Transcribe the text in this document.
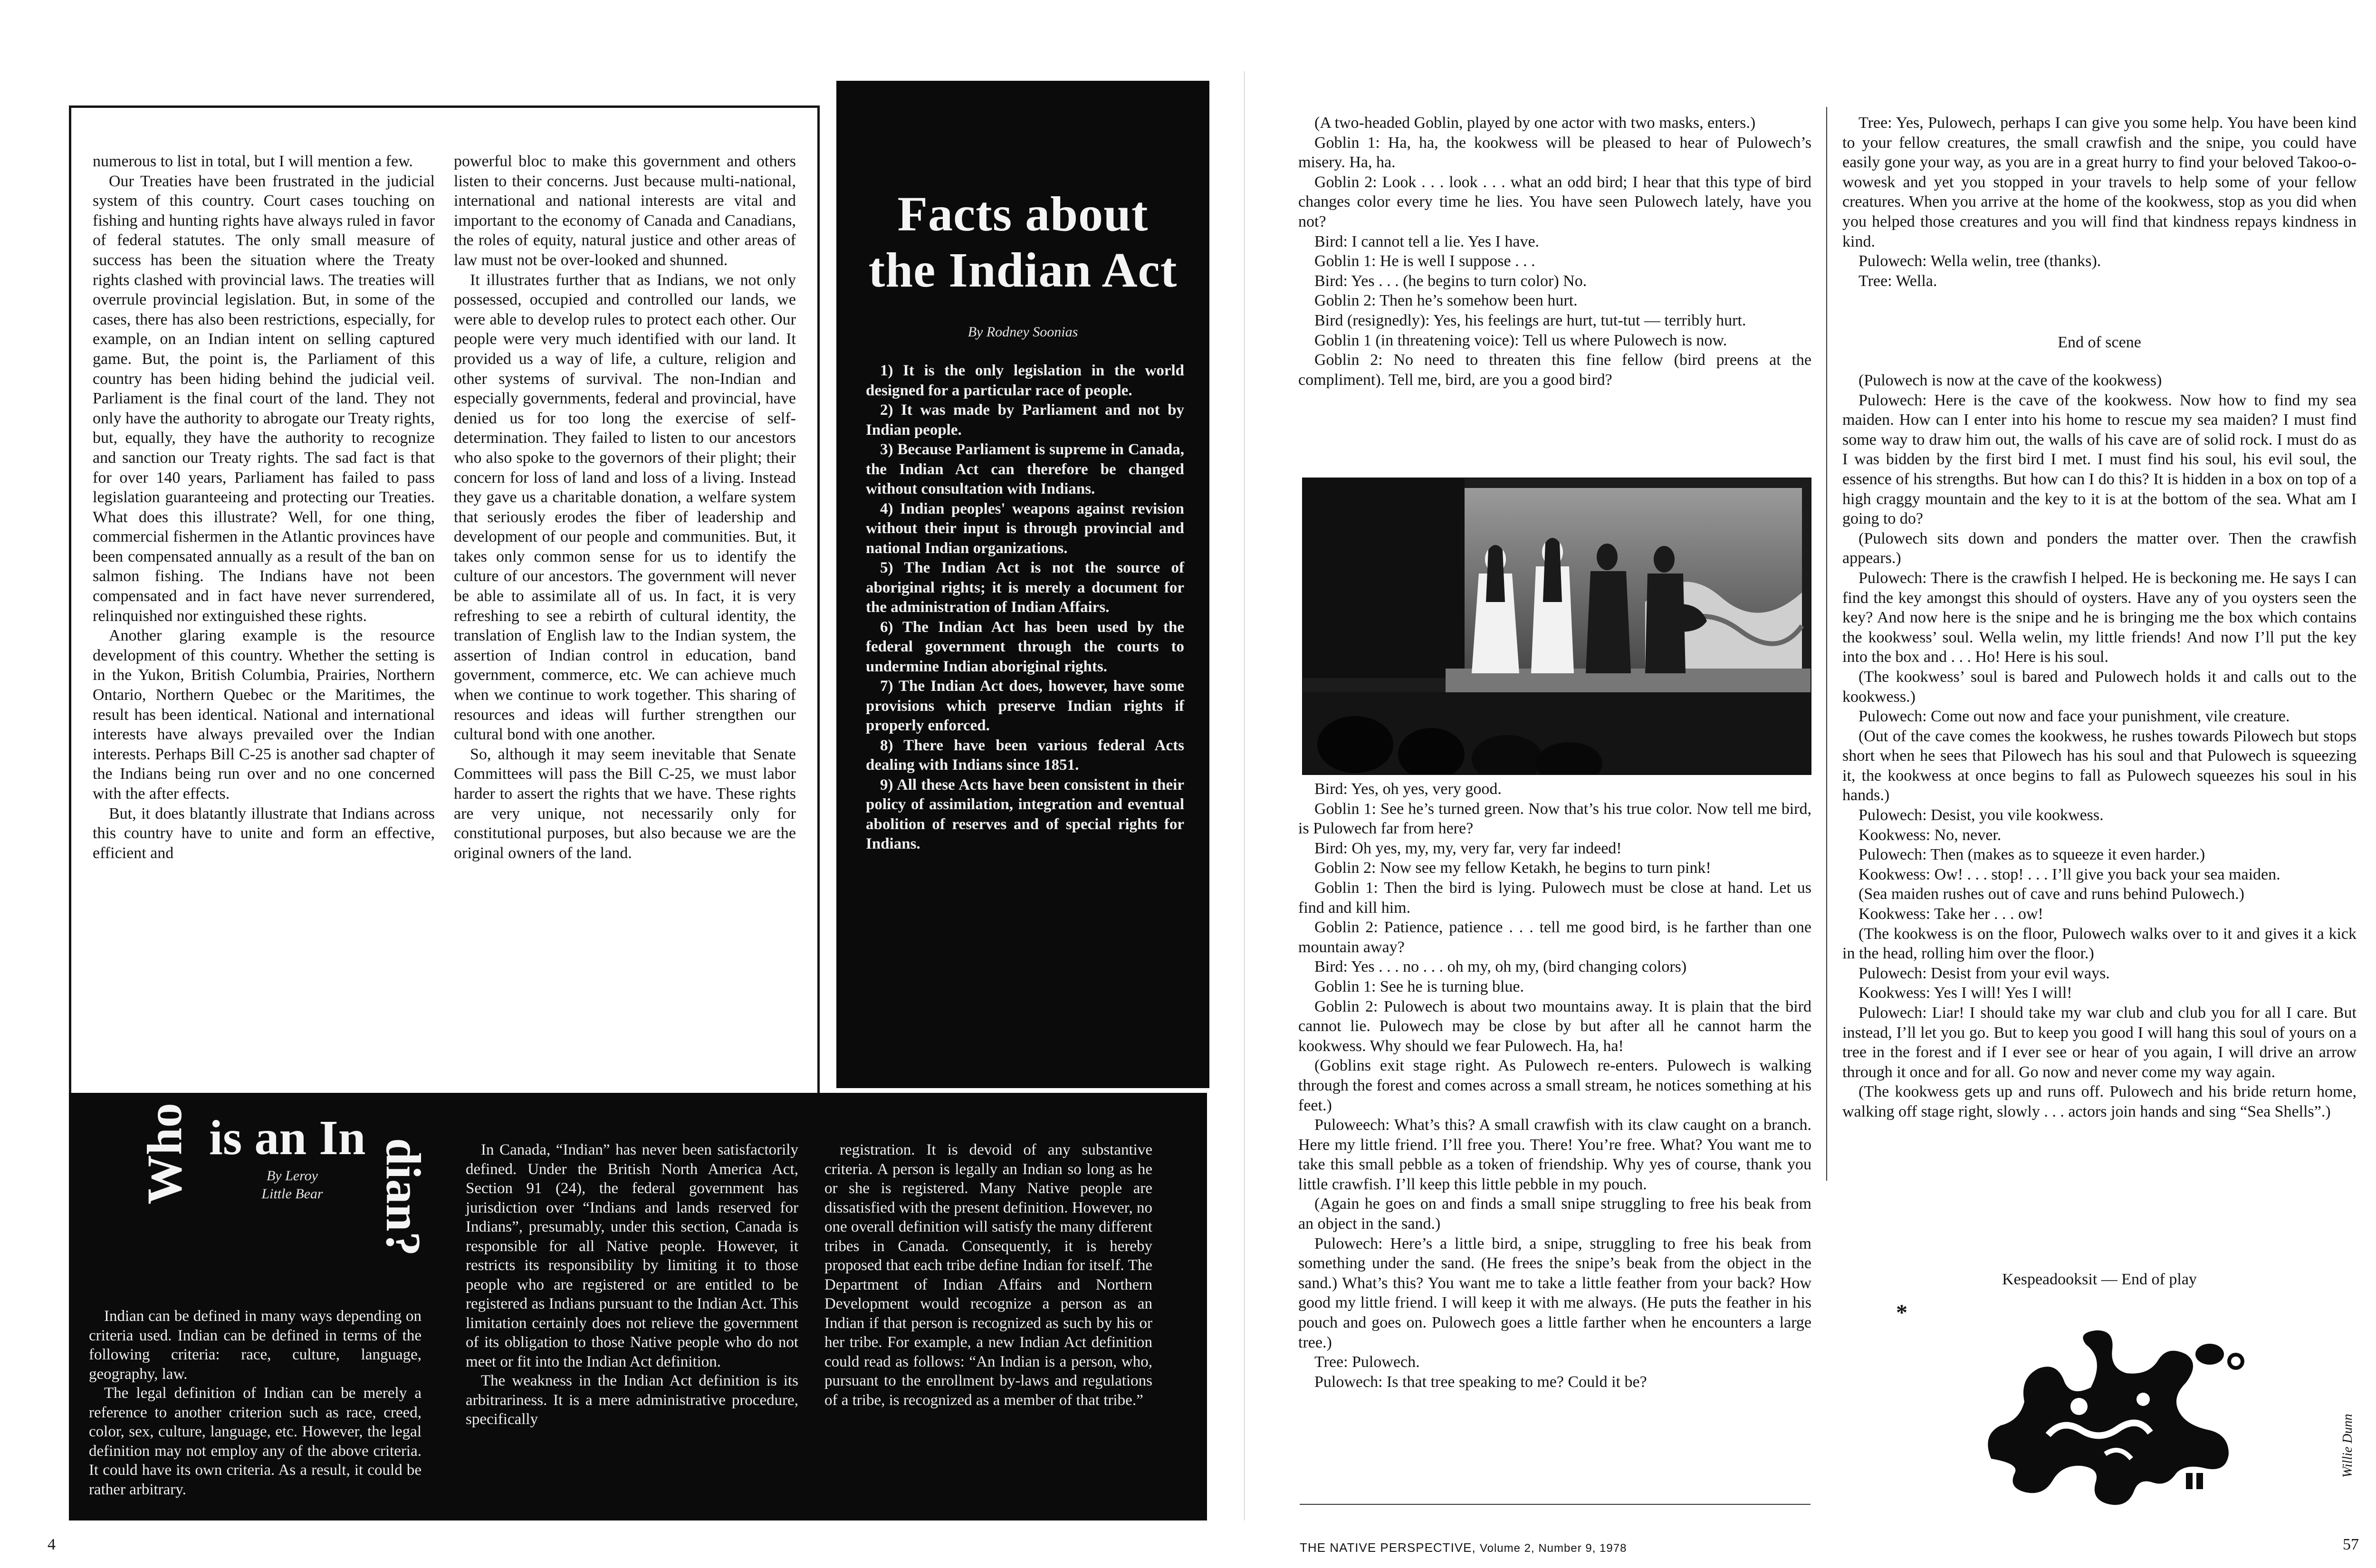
numerous to list in total, but I will mention a few.

Our Treaties have been frustrated in the judicial system of this country. Court cases touching on fishing and hunting rights have always ruled in favor of federal statutes. The only small measure of success has been the situation where the Treaty rights clashed with provincial laws. The treaties will overrule provincial legislation. But, in some of the cases, there has also been restrictions, especially, for example, on an Indian intent on selling captured game. But, the point is, the Parliament of this country has been hiding behind the judicial veil. Parliament is the final court of the land. They not only have the authority to abrogate our Treaty rights, but, equally, they have the authority to recognize and sanction our Treaty rights. The sad fact is that for over 140 years, Parliament has failed to pass legislation guaranteeing and protecting our Treaties. What does this illustrate? Well, for one thing, commercial fishermen in the Atlantic provinces have been compensated annually as a result of the ban on salmon fishing. The Indians have not been compensated and in fact have never surrendered, relinquished nor extinguished these rights.

Another glaring example is the resource development of this country. Whether the setting is in the Yukon, British Columbia, Prairies, Northern Ontario, Northern Quebec or the Maritimes, the result has been identical. National and international interests have always prevailed over the Indian interests. Perhaps Bill C-25 is another sad chapter of the Indians being run over and no one concerned with the after effects.

But, it does blatantly illustrate that Indians across this country have to unite and form an effective, efficient and

powerful bloc to make this government and others listen to their concerns. Just because multi-national, international and national interests are vital and important to the economy of Canada and Canadians, the roles of equity, natural justice and other areas of law must not be over-looked and shunned.

It illustrates further that as Indians, we not only possessed, occupied and controlled our lands, we were able to develop rules to protect each other. Our people were very much identified with our land. It provided us a way of life, a culture, religion and other systems of survival. The non-Indian and especially governments, federal and provincial, have denied us for too long the exercise of self-determination. They failed to listen to our ancestors who also spoke to the governors of their plight; their concern for loss of land and loss of a living. Instead they gave us a charitable donation, a welfare system that seriously erodes the fiber of leadership and development of our people and communities. But, it takes only common sense for us to identify the culture of our ancestors. The government will never be able to assimilate all of us. In fact, it is very refreshing to see a rebirth of cultural identity, the translation of English law to the Indian system, the assertion of Indian control in education, band government, commerce, etc. We can achieve much when we continue to work together. This sharing of resources and ideas will further strengthen our cultural bond with one another.

So, although it may seem inevitable that Senate Committees will pass the Bill C-25, we must labor harder to assert the rights that we have. These rights are very unique, not necessarily only for constitutional purposes, but also because we are the original owners of the land.

Facts about
the Indian Act
By Rodney Soonias

1) It is the only legislation in the world designed for a particular race of people.

2) It was made by Parliament and not by Indian people.

3) Because Parliament is supreme in Canada, the Indian Act can therefore be changed without consultation with Indians.

4) Indian peoples' weapons against revision without their input is through provincial and national Indian organizations.

5) The Indian Act is not the source of aboriginal rights; it is merely a document for the administration of Indian Affairs.

6) The Indian Act has been used by the federal government through the courts to undermine Indian aboriginal rights.

7) The Indian Act does, however, have some provisions which preserve Indian rights if properly enforced.

8) There have been various federal Acts dealing with Indians since 1851.

9) All these Acts have been consistent in their policy of assimilation, integration and eventual abolition of reserves and of special rights for Indians.

Who is an In
dian?
By Leroy
Little Bear

Indian can be defined in many ways depending on criteria used. Indian can be defined in terms of the following criteria: race, culture, language, geography, law.

The legal definition of Indian can be merely a reference to another criterion such as race, creed, color, sex, culture, language, etc. However, the legal definition may not employ any of the above criteria. It could have its own criteria. As a result, it could be rather arbitrary.

In Canada, “Indian” has never been satisfactorily defined. Under the British North America Act, Section 91 (24), the federal government has jurisdiction over “Indians and lands reserved for Indians”, presumably, under this section, Canada is responsible for all Native people. However, it restricts its responsibility by limiting it to those people who are registered or are entitled to be registered as Indians pursuant to the Indian Act. This limitation certainly does not relieve the government of its obligation to those Native people who do not meet or fit into the Indian Act definition.

The weakness in the Indian Act definition is its arbitrariness. It is a mere administrative procedure, specifically

registration. It is devoid of any substantive criteria. A person is legally an Indian so long as he or she is registered. Many Native people are dissatisfied with the present definition. However, no one overall definition will satisfy the many different tribes in Canada. Consequently, it is hereby proposed that each tribe define Indian for itself. The Department of Indian Affairs and Northern Development would recognize a person as an Indian if that person is recognized as such by his or her tribe. For example, a new Indian Act definition could read as follows: “An Indian is a person, who, pursuant to the enrollment by-laws and regulations of a tribe, is recognized as a member of that tribe.”

4

(A two-headed Goblin, played by one actor with two masks, enters.)

Goblin 1: Ha, ha, the kookwess will be pleased to hear of Pulowech’s misery. Ha, ha.

Goblin 2: Look . . . look . . . what an odd bird; I hear that this type of bird changes color every time he lies. You have seen Pulowech lately, have you not?

Bird: I cannot tell a lie. Yes I have.

Goblin 1: He is well I suppose . . .

Bird: Yes . . . (he begins to turn color) No.

Goblin 2: Then he’s somehow been hurt.

Bird (resignedly): Yes, his feelings are hurt, tut-tut — terribly hurt.

Goblin 1 (in threatening voice): Tell us where Pulowech is now.

Goblin 2: No need to threaten this fine fellow (bird preens at the compliment). Tell me, bird, are you a good bird?

Bird: Yes, oh yes, very good.

Goblin 1: See he’s turned green. Now that’s his true color. Now tell me bird, is Pulowech far from here?

Bird: Oh yes, my, my, very far, very far indeed!

Goblin 2: Now see my fellow Ketakh, he begins to turn pink!

Goblin 1: Then the bird is lying. Pulowech must be close at hand. Let us find and kill him.

Goblin 2: Patience, patience . . . tell me good bird, is he farther than one mountain away?

Bird: Yes . . . no . . . oh my, oh my, (bird changing colors)

Goblin 1: See he is turning blue.

Goblin 2: Pulowech is about two mountains away. It is plain that the bird cannot lie. Pulowech may be close by but after all he cannot harm the kookwess. Why should we fear Pulowech. Ha, ha!

(Goblins exit stage right. As Pulowech re-enters. Pulowech is walking through the forest and comes across a small stream, he notices something at his feet.)

Puloweech: What’s this? A small crawfish with its claw caught on a branch. Here my little friend. I’ll free you. There! You’re free. What? You want me to take this small pebble as a token of friendship. Why yes of course, thank you little crawfish. I’ll keep this little pebble in my pouch.

(Again he goes on and finds a small snipe struggling to free his beak from an object in the sand.)

Pulowech: Here’s a little bird, a snipe, struggling to free his beak from something under the sand. (He frees the snipe’s beak from the object in the sand.) What’s this? You want me to take a little feather from your back? How good my little friend. I will keep it with me always. (He puts the feather in his pouch and goes on. Pulowech goes a little farther when he encounters a large tree.)

Tree: Pulowech.

Pulowech: Is that tree speaking to me? Could it be?

Tree: Yes, Pulowech, perhaps I can give you some help. You have been kind to your fellow creatures, the small crawfish and the snipe, you could have easily gone your way, as you are in a great hurry to find your beloved Takoo-o-wowesk and yet you stopped in your travels to help some of your fellow creatures. When you arrive at the home of the kookwess, stop as you did when you helped those creatures and you will find that kindness repays kindness in kind.

Pulowech: Wella welin, tree (thanks).

Tree: Wella.

End of scene

(Pulowech is now at the cave of the kookwess)

Pulowech: Here is the cave of the kookwess. Now how to find my sea maiden. How can I enter into his home to rescue my sea maiden? I must find some way to draw him out, the walls of his cave are of solid rock. I must do as I was bidden by the first bird I met. I must find his soul, his evil soul, the essence of his strengths. But how can I do this? It is hidden in a box on top of a high craggy mountain and the key to it is at the bottom of the sea. What am I going to do?

(Pulowech sits down and ponders the matter over. Then the crawfish appears.)

Pulowech: There is the crawfish I helped. He is beckoning me. He says I can find the key amongst this should of oysters. Have any of you oysters seen the key? And now here is the snipe and he is bringing me the box which contains the kookwess’ soul. Wella welin, my little friends! And now I’ll put the key into the box and . . . Ho! Here is his soul.

(The kookwess’ soul is bared and Pulowech holds it and calls out to the kookwess.)

Pulowech: Come out now and face your punishment, vile creature.

(Out of the cave comes the kookwess, he rushes towards Pilowech but stops short when he sees that Pilowech has his soul and that Pulowech is squeezing it, the kookwess at once begins to fall as Pulowech squeezes his soul in his hands.)

Pulowech: Desist, you vile kookwess.

Kookwess: No, never.

Pulowech: Then (makes as to squeeze it even harder.)

Kookwess: Ow! . . . stop! . . . I’ll give you back your sea maiden.

(Sea maiden rushes out of cave and runs behind Pulowech.)

Kookwess: Take her . . . ow!

(The kookwess is on the floor, Pulowech walks over to it and gives it a kick in the head, rolling him over the floor.)

Pulowech: Desist from your evil ways.

Kookwess: Yes I will! Yes I will!

Pulowech: Liar! I should take my war club and club you for all I care. But instead, I’ll let you go. But to keep you good I will hang this soul of yours on a tree in the forest and if I ever see or hear of you again, I will drive an arrow through it once and for all. Go now and never come my way again.

(The kookwess gets up and runs off. Pulowech and his bride return home, walking off stage right, slowly . . . actors join hands and sing “Sea Shells”.)

Kespeadooksit — End of play
*
Willie Dunn
THE NATIVE PERSPECTIVE, Volume 2, Number 9, 1978	57
